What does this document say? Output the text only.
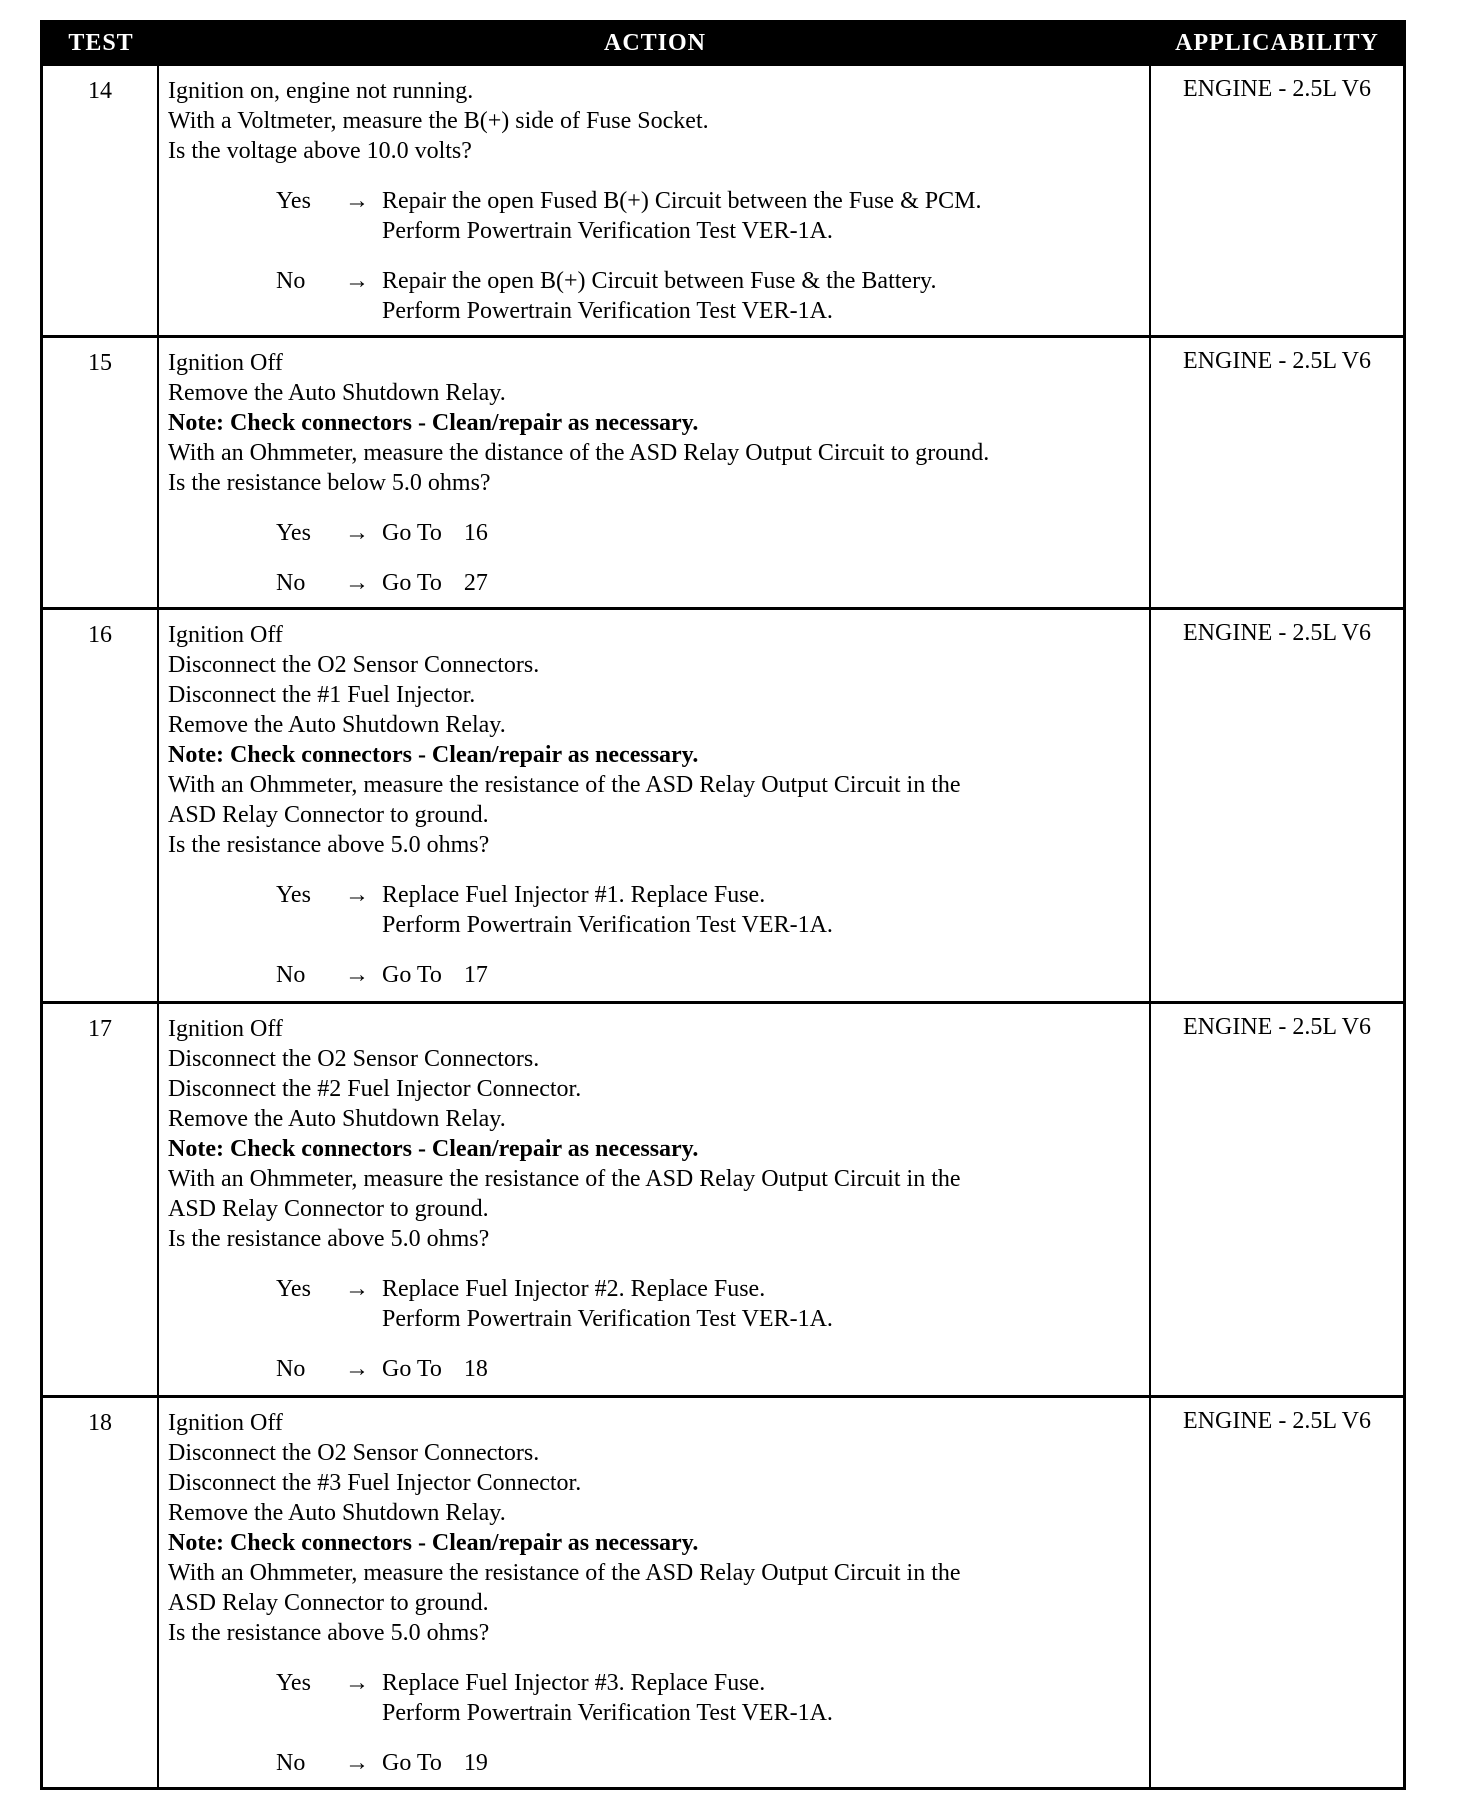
TEST	ACTION	APPLICABILITY
14	Ignition on, engine not running.
With a Voltmeter, measure the B(+) side of Fuse Socket.
Is the voltage above 10.0 volts?
Yes	→ Repair the open Fused B(+) Circuit between the Fuse & PCM.
Perform Powertrain Verification Test VER-1A.
No	→ Repair the open B(+) Circuit between Fuse & the Battery.
Perform Powertrain Verification Test VER-1A.
ENGINE - 2.5L V6
15	Ignition Off
Remove the Auto Shutdown Relay.
Note: Check connectors - Clean/repair as necessary.
With an Ohmmeter, measure the distance of the ASD Relay Output Circuit to ground.
Is the resistance below 5.0 ohms?
Yes	→ Go To 16
No	→ Go To 27
ENGINE - 2.5L V6
16	Ignition Off
Disconnect the O2 Sensor Connectors.
Disconnect the #1 Fuel Injector.
Remove the Auto Shutdown Relay.
Note: Check connectors - Clean/repair as necessary.
With an Ohmmeter, measure the resistance of the ASD Relay Output Circuit in the
ASD Relay Connector to ground.
Is the resistance above 5.0 ohms?
Yes	→ Replace Fuel Injector #1. Replace Fuse.
Perform Powertrain Verification Test VER-1A.
No	→ Go To 17
ENGINE - 2.5L V6
17	Ignition Off
Disconnect the O2 Sensor Connectors.
Disconnect the #2 Fuel Injector Connector.
Remove the Auto Shutdown Relay.
Note: Check connectors - Clean/repair as necessary.
With an Ohmmeter, measure the resistance of the ASD Relay Output Circuit in the
ASD Relay Connector to ground.
Is the resistance above 5.0 ohms?
Yes	→ Replace Fuel Injector #2. Replace Fuse.
Perform Powertrain Verification Test VER-1A.
No	→ Go To 18
ENGINE - 2.5L V6
18	Ignition Off
Disconnect the O2 Sensor Connectors.
Disconnect the #3 Fuel Injector Connector.
Remove the Auto Shutdown Relay.
Note: Check connectors - Clean/repair as necessary.
With an Ohmmeter, measure the resistance of the ASD Relay Output Circuit in the
ASD Relay Connector to ground.
Is the resistance above 5.0 ohms?
Yes	→ Replace Fuel Injector #3. Replace Fuse.
Perform Powertrain Verification Test VER-1A.
No	→ Go To 19
ENGINE - 2.5L V6
